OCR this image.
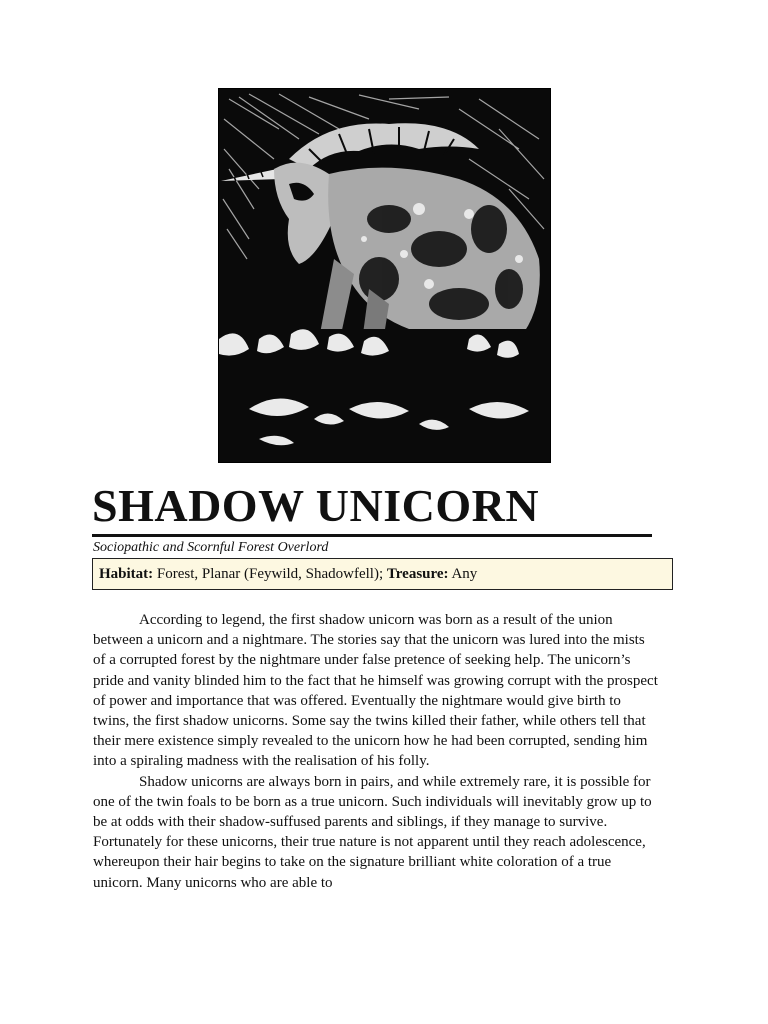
SHADOW UNICORN

Sociopathic and Scornful Forest Overlord

Habitat: Forest, Planar (Feywild, Shadowfell); Treasure: Any

According to legend, the first shadow unicorn was born as a result of the union between a unicorn and a nightmare. The stories say that the unicorn was lured into the mists of a corrupted forest by the nightmare under false pretence of seeking help. The unicorn’s pride and vanity blinded him to the fact that he himself was growing corrupt with the prospect of power and importance that was offered. Eventually the nightmare would give birth to twins, the first shadow unicorns. Some say the twins killed their father, while others tell that their mere existence simply revealed to the unicorn how he had been corrupted, sending him into a spiraling madness with the realisation of his folly.

Shadow unicorns are always born in pairs, and while extremely rare, it is possible for one of the twin foals to be born as a true unicorn. Such individuals will inevitably grow up to be at odds with their shadow-suffused parents and siblings, if they manage to survive. Fortunately for these unicorns, their true nature is not apparent until they reach adolescence, whereupon their hair begins to take on the signature brilliant white coloration of a true unicorn. Many unicorns who are able to
